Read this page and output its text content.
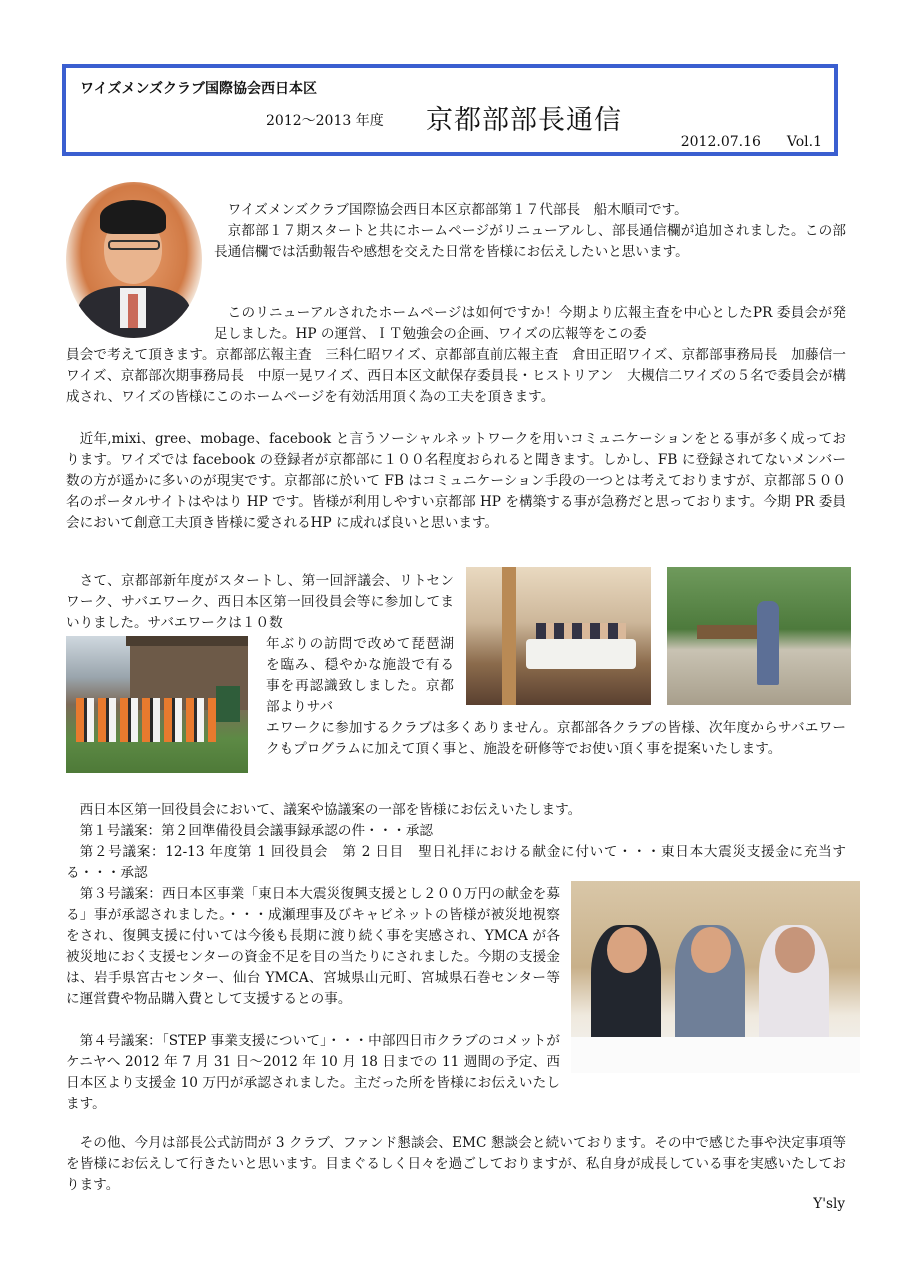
ワイズメンズクラブ国際協会西日本区
2012～2013 年度 京都部部長通信
2012.07.16 Vol.1

ワイズメンズクラブ国際協会西日本区京都部第１７代部長　船木順司です。

京都部１７期スタートと共にホームページがリニューアルし、部長通信欄が追加されました。この部長通信欄では活動報告や感想を交えた日常を皆様にお伝えしたいと思います。

このリニューアルされたホームページは如何ですか！今期より広報主査を中心としたPR 委員会が発足しました。HP の運営、ＩＴ勉強会の企画、ワイズの広報等をこの委

員会で考えて頂きます。京都部広報主査　三科仁昭ワイズ、京都部直前広報主査　倉田正昭ワイズ、京都部事務局長　加藤信一ワイズ、京都部次期事務局長　中原一晃ワイズ、西日本区文献保存委員長・ヒストリアン　大槻信二ワイズの５名で委員会が構成され、ワイズの皆様にこのホームページを有効活用頂く為の工夫を頂きます。

近年,mixi、gree、mobage、facebook と言うソーシャルネットワークを用いコミュニケーションをとる事が多く成っております。ワイズでは facebook の登録者が京都部に１００名程度おられると聞きます。しかし、FB に登録されてないメンバー数の方が遥かに多いのが現実です。京都部に於いて FB はコミュニケーション手段の一つとは考えておりますが、京都部５００名のポータルサイトはやはり HP です。皆様が利用しやすい京都部 HP を構築する事が急務だと思っております。今期 PR 委員会において創意工夫頂き皆様に愛されるHP に成れば良いと思います。

さて、京都部新年度がスタートし、第一回評議会、リトセンワーク、サバエワーク、西日本区第一回役員会等に参加してまいりました。サバエワークは１０数

年ぶりの訪問で改めて琵琶湖を臨み、穏やかな施設で有る事を再認識致しました。京都部よりサバ

エワークに参加するクラブは多くありません。京都部各クラブの皆様、次年度からサバエワークもプログラムに加えて頂く事と、施設を研修等でお使い頂く事を提案いたします。

西日本区第一回役員会において、議案や協議案の一部を皆様にお伝えいたします。

第１号議案：第２回準備役員会議事録承認の件・・・承認

第２号議案：12-13 年度第 1 回役員会　第 2 日目　聖日礼拝における献金に付いて・・・東日本大震災支援金に充当する・・・承認

第３号議案：西日本区事業「東日本大震災復興支援とし２００万円の献金を募る」事が承認されました。・・・成瀬理事及びキャビネットの皆様が被災地視察をされ、復興支援に付いては今後も長期に渡り続く事を実感され、YMCA が各被災地におく支援センターの資金不足を目の当たりにされました。今期の支援金は、岩手県宮古センター、仙台 YMCA、宮城県山元町、宮城県石巻センター等に運営費や物品購入費として支援するとの事。

第４号議案：「STEP 事業支援について」・・・中部四日市クラブのコメットがケニヤへ 2012 年 7 月 31 日～2012 年 10 月 18 日までの 11 週間の予定、西日本区より支援金 10 万円が承認されました。主だった所を皆様にお伝えいたします。

その他、今月は部長公式訪問が 3 クラブ、ファンド懇談会、EMC 懇談会と続いております。その中で感じた事や決定事項等を皆様にお伝えして行きたいと思います。目まぐるしく日々を過ごしておりますが、私自身が成長している事を実感いたしております。

Y'sly
